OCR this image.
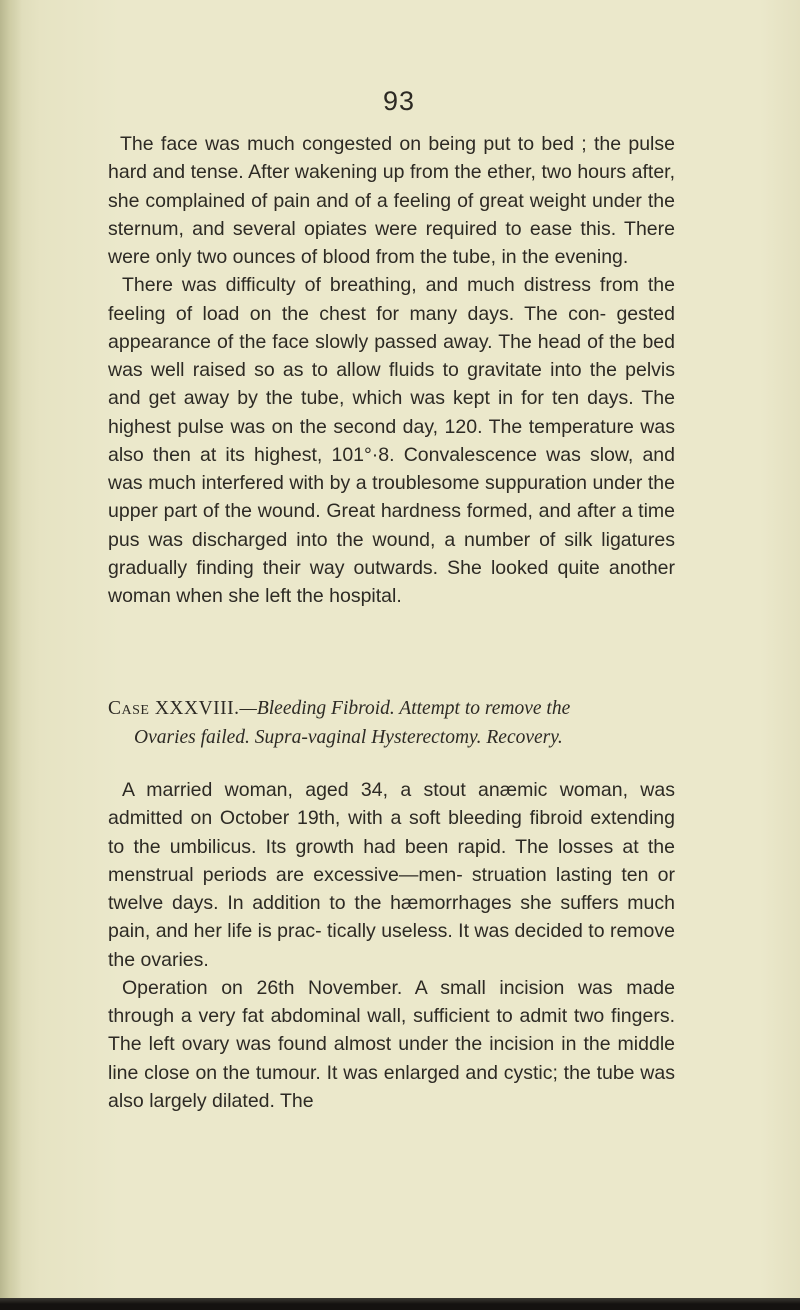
93

The face was much congested on being put to bed ; the pulse hard and tense. After wakening up from the ether, two hours after, she complained of pain and of a feeling of great weight under the sternum, and several opiates were required to ease this. There were only two ounces of blood from the tube, in the evening.

There was difficulty of breathing, and much distress from the feeling of load on the chest for many days. The con- gested appearance of the face slowly passed away. The head of the bed was well raised so as to allow fluids to gravitate into the pelvis and get away by the tube, which was kept in for ten days. The highest pulse was on the second day, 120. The temperature was also then at its highest, 101°·8. Convalescence was slow, and was much interfered with by a troublesome suppuration under the upper part of the wound. Great hardness formed, and after a time pus was discharged into the wound, a number of silk ligatures gradually finding their way outwards. She looked quite another woman when she left the hospital.

Case XXXVIII.—Bleeding Fibroid. Attempt to remove the
Ovaries failed. Supra-vaginal Hysterectomy. Recovery.

A married woman, aged 34, a stout anæmic woman, was admitted on October 19th, with a soft bleeding fibroid extending to the umbilicus. Its growth had been rapid. The losses at the menstrual periods are excessive—men- struation lasting ten or twelve days. In addition to the hæmorrhages she suffers much pain, and her life is prac- tically useless. It was decided to remove the ovaries.

Operation on 26th November. A small incision was made through a very fat abdominal wall, sufficient to admit two fingers. The left ovary was found almost under the incision in the middle line close on the tumour. It was enlarged and cystic; the tube was also largely dilated. The
